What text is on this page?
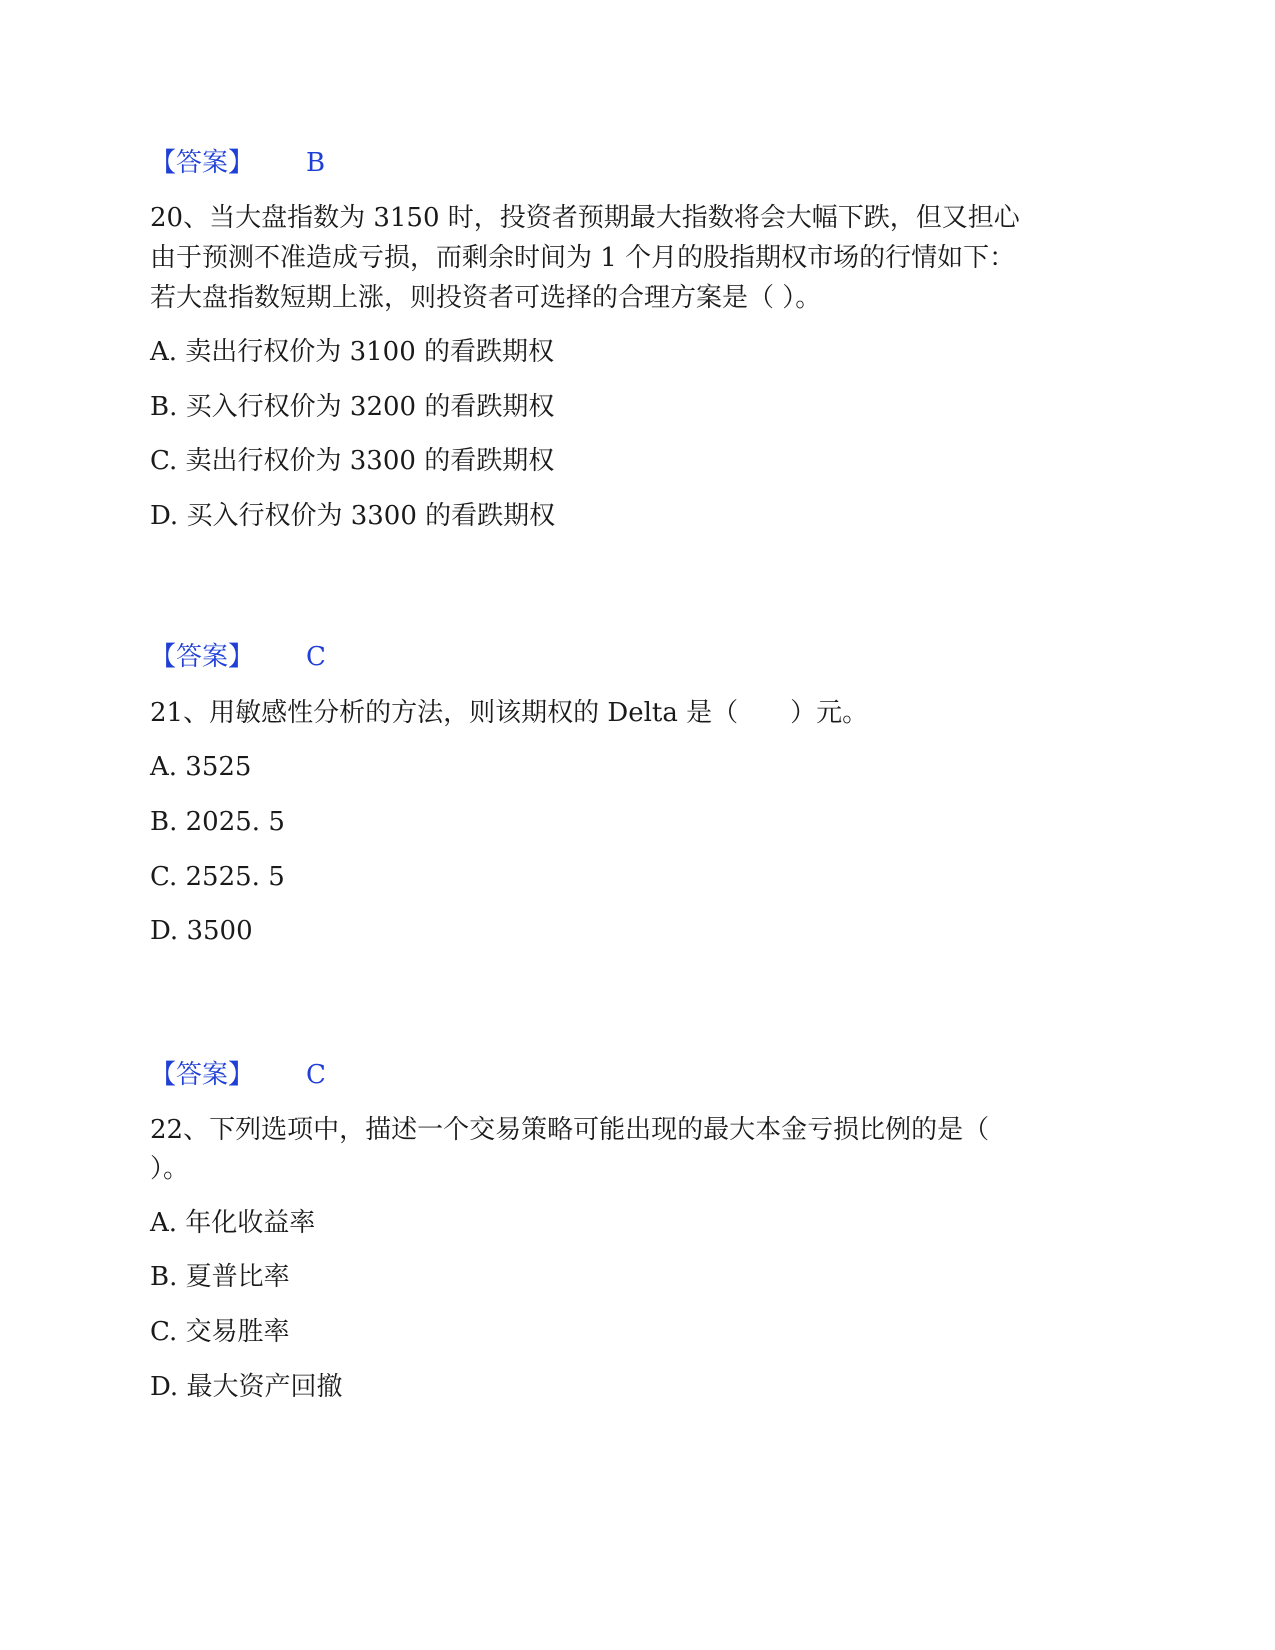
【答案】 B
20、当大盘指数为 3150 时，投资者预期最大指数将会大幅下跌，但又担心
由于预测不准造成亏损，而剩余时间为 1 个月的股指期权市场的行情如下：
若大盘指数短期上涨，则投资者可选择的合理方案是（ ）。
A. 卖出行权价为 3100 的看跌期权
B. 买入行权价为 3200 的看跌期权
C. 卖出行权价为 3300 的看跌期权
D. 买入行权价为 3300 的看跌期权
【答案】 C
21、用敏感性分析的方法，则该期权的 Delta 是（　　）元。
A. 3525
B. 2025. 5
C. 2525. 5
D. 3500
【答案】 C
22、下列选项中，描述一个交易策略可能出现的最大本金亏损比例的是（
）。
A. 年化收益率
B. 夏普比率
C. 交易胜率
D. 最大资产回撤
